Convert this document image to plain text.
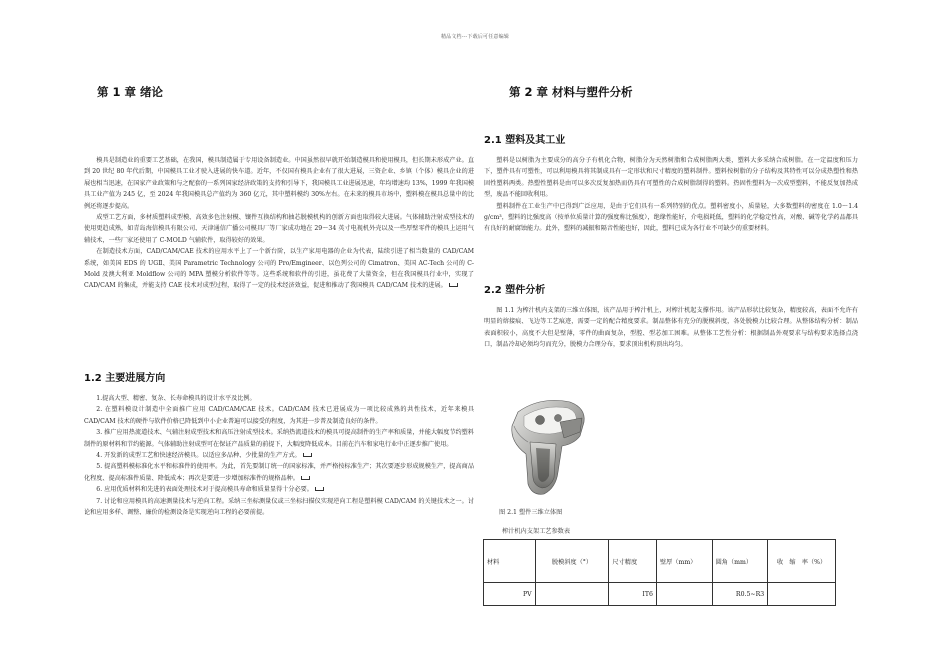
精品文档---下载后可任意编辑
第 1 章 绪论

模具是制造业的重要工艺基础，在我国，模具制造属于专用设备制造业。中国虽然很早就开始制造模具和使用模具，但长期未形成产业。直到 20 世纪 80 年代后期，中国模具工业才驶入进展的快车道。近年，不仅国有模具企业有了很大进展，三资企业、乡镇（个体）模具企业的进展也相当迅速，在国家产业政策和与之配套的一系列国家经济政策的支持和引导下，我国模具工业进展迅速，年均增速均 13%，1999 年我国模具工业产值为 245 亿，至 2024 年我国模具总产值约为 360 亿元，其中塑料模约 30%左右。在未来的模具市场中，塑料模在模具总量中的比例还将逐步提高。

成型工艺方面，多材质塑料成型模、高效多色注射模、镶件互换结构和抽芯脱模机构的创新方面也取得较大进展。气体辅助注射成型技术的使用更趋成熟，如青岛海信模具有限公司、天津通信广播公司模具厂等厂家成功地在 29～34 英寸电视机外壳以及一些厚壁零件的模具上运用气辅技术，一些厂家还使用了 C-MOLD 气辅软件，取得较好的效果。

在制造技术方面，CAD/CAM/CAE 技术的应用水平上了一个新台阶，以生产家用电器的企业为代表，陆续引进了相当数量的 CAD/CAM 系统，如美国 EDS 的 UGⅡ、美国 Parametric Technology 公司的 Pro/Emgineer、以色列公司的 Cimatron、美国 AC-Tech 公司的 C-Mold 及澳大利亚 Moldflow 公司的 MPA 塑模分析软件等等。这些系统和软件的引进，虽花费了大量资金，但在我国模具行业中，实现了 CAD/CAM 的集成，并能支持 CAE 技术对成型过程，取得了一定的技术经济效益，促进和推动了我国模具 CAD/CAM 技术的进展。

1.2 主要进展方向

1.提高大型、精密、复杂、长寿命模具的设计水平及比例。

2. 在塑料模设计制造中全面推广应用 CAD/CAM/CAE 技术。CAD/CAM 技术已进展成为一项比较成熟的共性技术，近年来模具 CAD/CAM 技术的硬件与软件价格已降低到中小企业普遍可以接受的程度，为其进一步普及制造良好的条件。

3. 推广应用热流道技术、气辅注射成型技术和高压注射成型技术。采纳热流道技术的模具可提高制件的生产率和质量，并能大幅度节约塑料制件的原材料和节约能源。气体辅助注射成型可在保证产品质量的前提下，大幅度降低成本。目前在汽车和家电行业中正逐步推广使用。

4. 开发新的成型工艺和快速经济模具。以适应多品种、少批量的生产方式。

5. 提高塑料模标准化水平和标准件的使用率。为此，首先要制订统一的国家标准，并严格按标准生产；其次要逐步形成规模生产，提高商品化程度、提高标准件质量、降低成本；再次是要进一步增加标准件的规格品种。

6. 应用优质材料和先进的表面处理技术对于提高模具寿命和质量显得十分必要。

7. 讨论和应用模具的高速测量技术与逆向工程。采纳三坐标测量仪或三坐标扫描仪实现逆向工程是塑料模 CAD/CAM 的关键技术之一。讨论和应用多样、调整、廉价的检测设备是实现逆向工程的必要前提。

第 2 章 材料与塑件分析
2.1 塑料及其工业

塑料是以树脂为主要成分的高分子有机化合物，树脂分为天然树脂和合成树脂两大类，塑料大多采纳合成树脂。在一定温度和压力下，塑件具有可塑性，可以利用模具将其制成具有一定形状和尺寸精度的塑料制件。塑料按树脂的分子结构及其特性可以分成热塑性和热固性塑料两类。热塑性塑料是由可以多次反复加热而仍具有可塑性的合成树脂制得的塑料。热固性塑料为一次成型塑料，不能反复加热成型，废品不能回收利用。

塑料制件在工业生产中已得到广泛应用，是由于它们具有一系列特别的优点。塑料密度小，质量轻，大多数塑料的密度在 1.0～1.4 g/cm³，塑料的比强度高（按单位质量计算的强度称比强度），绝缘性能好，介电损耗低，塑料的化学稳定性高，对酸、碱等化学药品都具有良好的耐腐蚀能力。此外，塑料的减振和隔音性能也好，因此，塑料已成为各行业不可缺少的重要材料。

2.2 塑件分析

图 1.1 为榨汁机内支架的三维立体图，该产品用于榨汁机上，对榨汁机起支撑作用。该产品形状比较复杂，精度较高，表面不允许有明显的熔接痕、飞边等工艺痕迹，需要一定的配合精度要求。制品整体有充分的脱模斜度，各处脱模力比较合理。从整体结构分析：制品表面积较小，高度不大但是壁薄，零件的曲面复杂，型腔、型芯加工困难。从整体工艺性分析：根据制品外观要求与结构要求选择点浇口，制品冷却必须均匀而充分，脱模力合理分布，要求顶出机构顶出均匀。

图 2.1 塑件三维立体图
榨汁机内支架工艺参数表
材料	脱模斜度（°）	尺寸精度	壁厚（mm）	圆角（mm）	收　缩　率（%）
PV		IT6		R0.5~R3	
